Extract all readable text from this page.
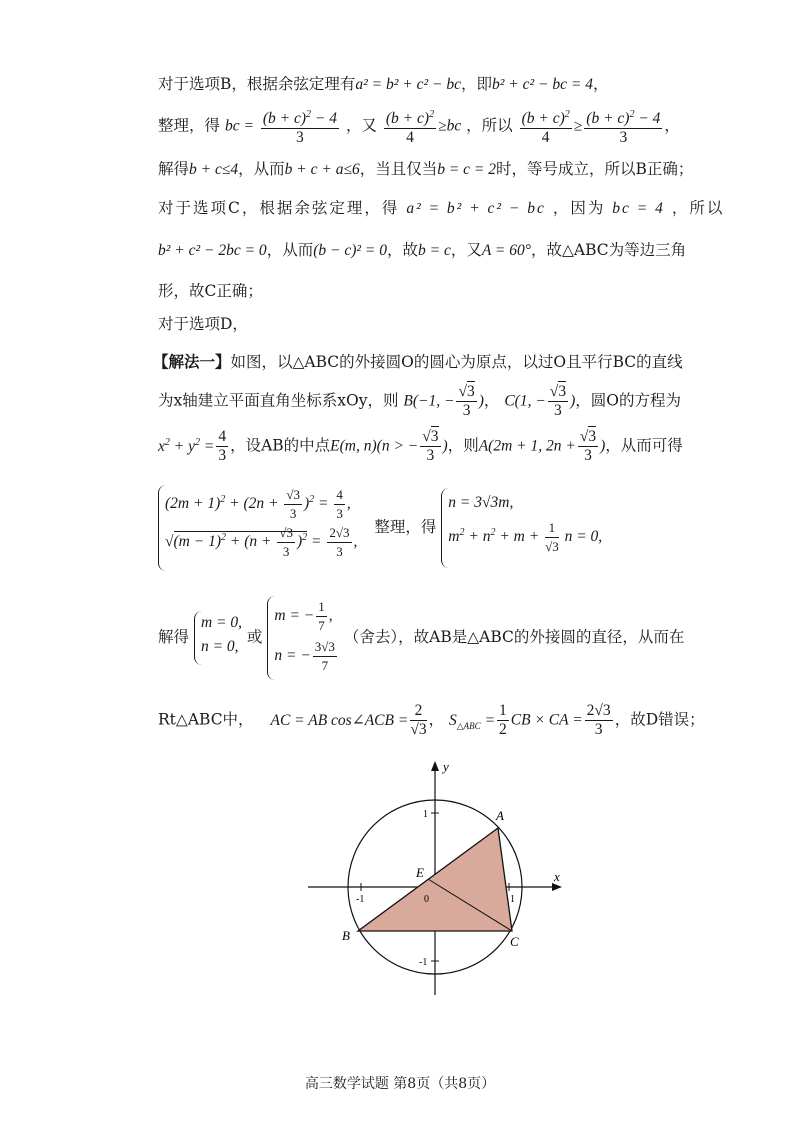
对于选项B，根据余弦定理有a² = b² + c² − bc，即b² + c² − bc = 4，
整理，得 bc = $\frac{(b + c)^2 - 4}{3}$ ，又 $\frac{(b + c)^2}{4} \ge bc$ ，所以 $\frac{(b + c)^2}{4} \ge \frac{(b + c)^2 - 4}{3}$ ，
解得b + c≤4，从而b + c + a≤6，当且仅当b = c = 2时，等号成立，所以B正确；
对于选项C，根据余弦定理，得 a² = b² + c² − bc ，因为 bc = 4 ，所以
b² + c² − 2bc = 0，从而(b − c)² = 0，故b = c，又A = 60°，故△ABC为等边三角
形，故C正确；
对于选项D，
【解法一】如图，以△ABC的外接圆O的圆心为原点，以过O且平行BC的直线
为x轴建立平面直角坐标系xOy，则 B(−1, − $\frac{√3}{3}$ )， C(1, − $\frac{√3}{3}$ )，圆O的方程为
$x^2 + y^2 = \frac{4}{3}$ ，设AB的中点E(m, n)(n > − $\frac{√3}{3}$ )，则A(2m + 1, $2n + \frac{√3}{3}$ )，从而可得
$(2m + 1)^2 + (2n + \frac{√3}{3} )^2 = \frac{4}{3}$ ,
$√(m - 1)^2 + (n + \frac{√3}{3} )^2 = \frac{2√3}{3}$ ,
整理，得
n = 3√3m,
$m^2 + n^2 + m + \frac{1}{√3}$ n = 0,
解得
m = 0,
n = 0,
或
m = − $\frac{1}{7}$ ,
n = − $\frac{3√3}{7}$
（舍去），故AB是△ABC的外接圆的直径，从而在
Rt△ABC中， AC = AB cos∠ACB = $\frac{2}{√3}$ ， $S_{\triangle ABC} = \frac{1}{2}$ CB × CA = $\frac{2√3}{3}$ ，故D错误；
y
x
A
B	C
E
0
1
-1
-1	1
高三数学试题 第8页（共8页）
